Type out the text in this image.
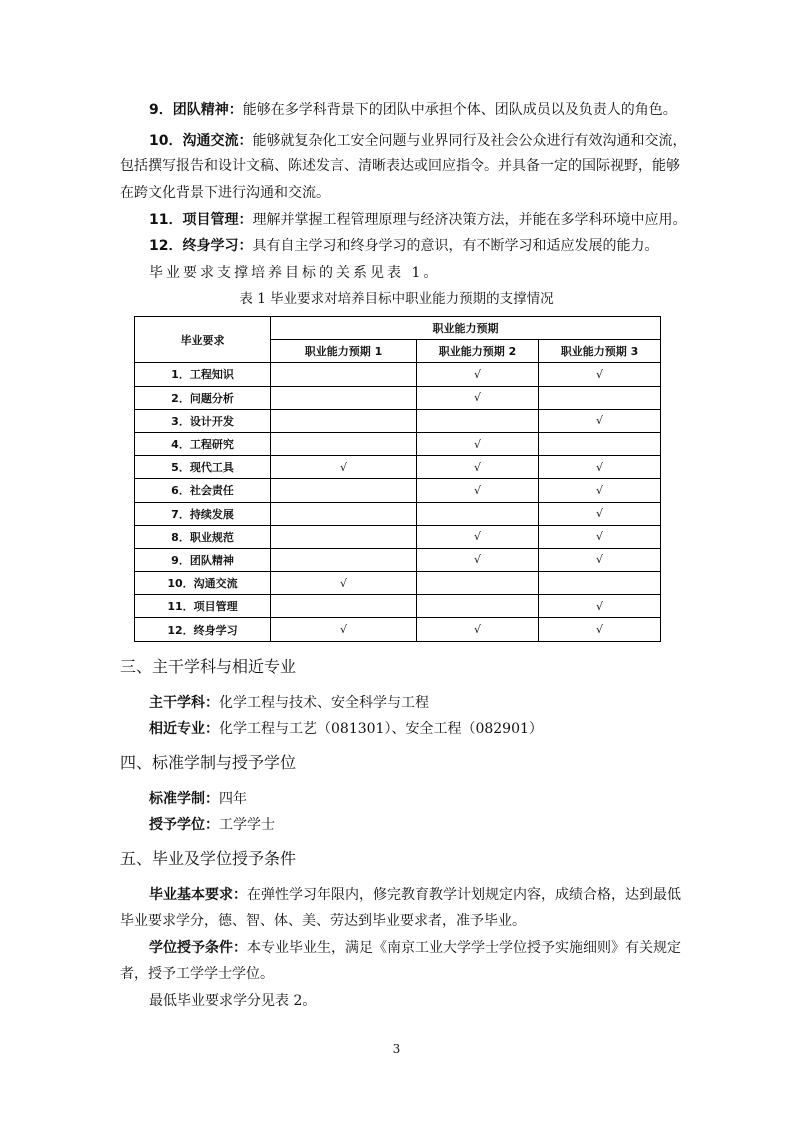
9．团队精神：能够在多学科背景下的团队中承担个体、团队成员以及负责人的角色。
10．沟通交流：能够就复杂化工安全问题与业界同行及社会公众进行有效沟通和交流，
包括撰写报告和设计文稿、陈述发言、清晰表达或回应指令。并具备一定的国际视野，能够
在跨文化背景下进行沟通和交流。
11．项目管理：理解并掌握工程管理原理与经济决策方法，并能在多学科环境中应用。
12．终身学习：具有自主学习和终身学习的意识，有不断学习和适应发展的能力。
毕业要求支撑培养目标的关系见表 1。
表 1 毕业要求对培养目标中职业能力预期的支撑情况
毕业要求	职业能力预期		
	职业能力预期 1	职业能力预期 2	职业能力预期 3
1．工程知识		√	√
2．问题分析		√	
3．设计开发			√
4．工程研究		√	
5．现代工具	√	√	√
6．社会责任		√	√
7．持续发展			√
8．职业规范		√	√
9．团队精神		√	√
10．沟通交流	√		
11．项目管理			√
12．终身学习	√	√	√
三、主干学科与相近专业
主干学科：化学工程与技术、安全科学与工程
相近专业：化学工程与工艺（081301）、安全工程（082901）
四、标准学制与授予学位
标准学制：四年
授予学位：工学学士
五、毕业及学位授予条件
毕业基本要求：在弹性学习年限内，修完教育教学计划规定内容，成绩合格，达到最低
毕业要求学分，德、智、体、美、劳达到毕业要求者，准予毕业。
学位授予条件：本专业毕业生，满足《南京工业大学学士学位授予实施细则》有关规定
者，授予工学学士学位。
最低毕业要求学分见表 2。
3
